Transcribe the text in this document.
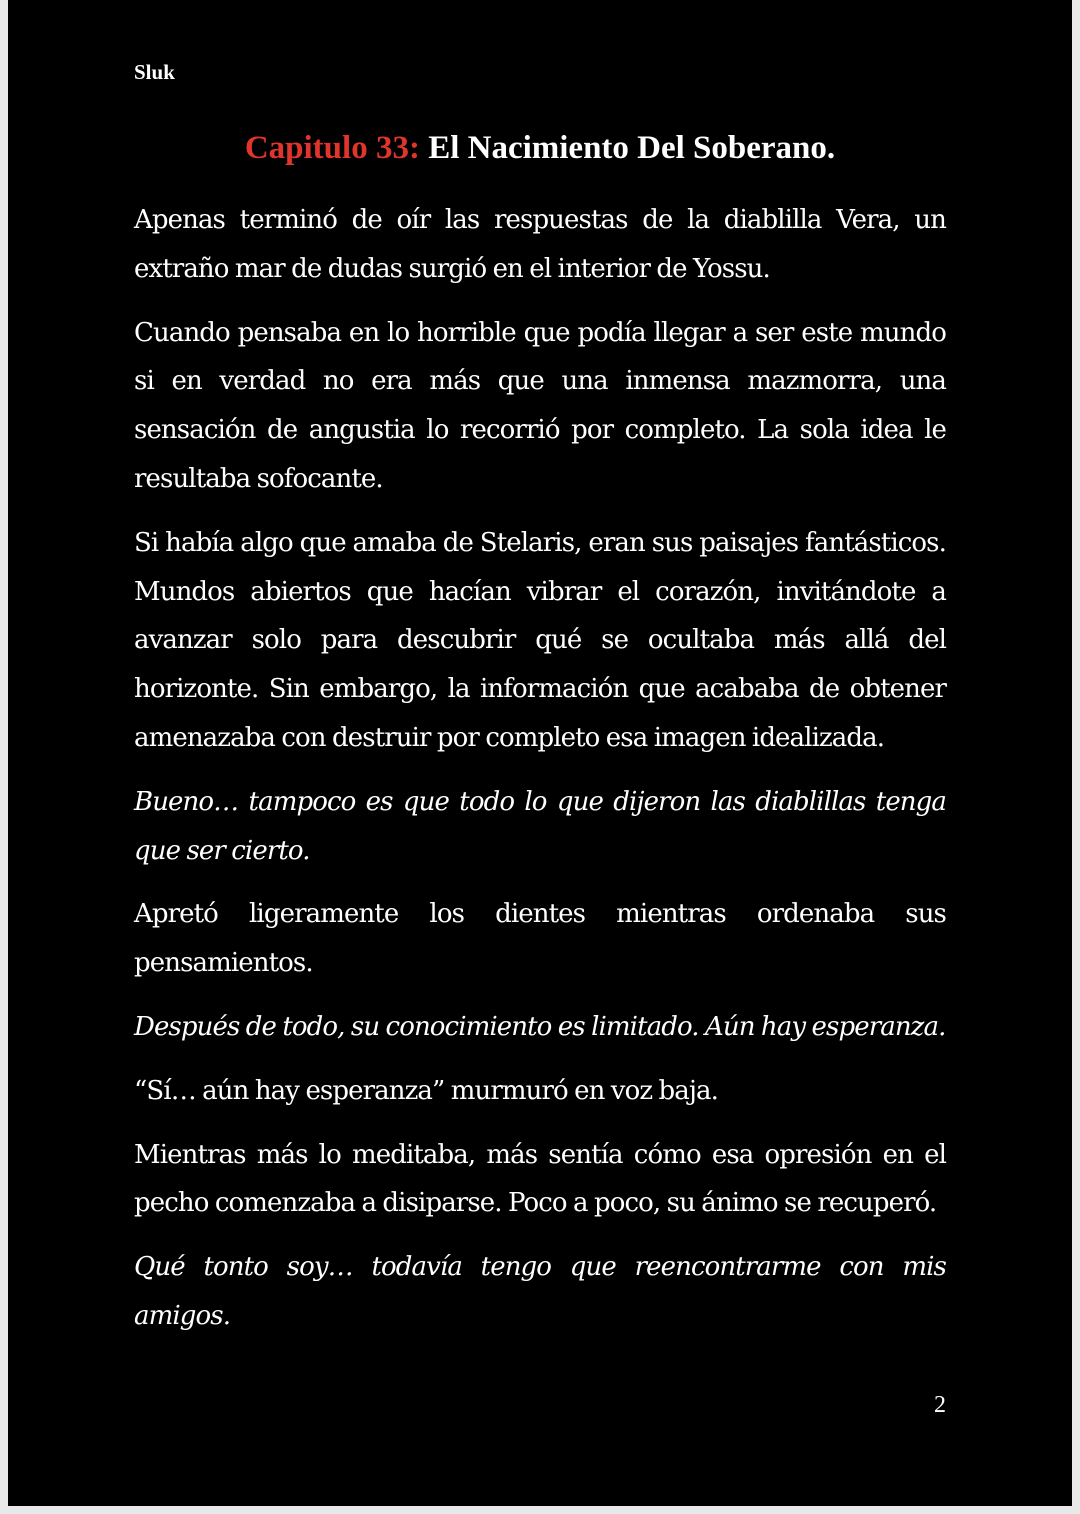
Sluk
Capitulo 33: El Nacimiento Del Soberano.

Apenas terminó de oír las respuestas de la diablilla Vera, un extraño mar de dudas surgió en el interior de Yossu.

Cuando pensaba en lo horrible que podía llegar a ser este mundo si en verdad no era más que una inmensa mazmorra, una sensación de angustia lo recorrió por completo. La sola idea le resultaba sofocante.

Si había algo que amaba de Stelaris, eran sus paisajes fantásticos. Mundos abiertos que hacían vibrar el corazón, invitándote a avanzar solo para descubrir qué se ocultaba más allá del horizonte. Sin embargo, la información que acababa de obtener amenazaba con destruir por completo esa imagen idealizada.

Bueno… tampoco es que todo lo que dijeron las diablillas tenga que ser cierto.

Apretó ligeramente los dientes mientras ordenaba sus pensamientos.

Después de todo, su conocimiento es limitado. Aún hay esperanza.

“Sí… aún hay esperanza” murmuró en voz baja.

Mientras más lo meditaba, más sentía cómo esa opresión en el pecho comenzaba a disiparse. Poco a poco, su ánimo se recuperó.

Qué tonto soy… todavía tengo que reencontrarme con mis amigos.

2
